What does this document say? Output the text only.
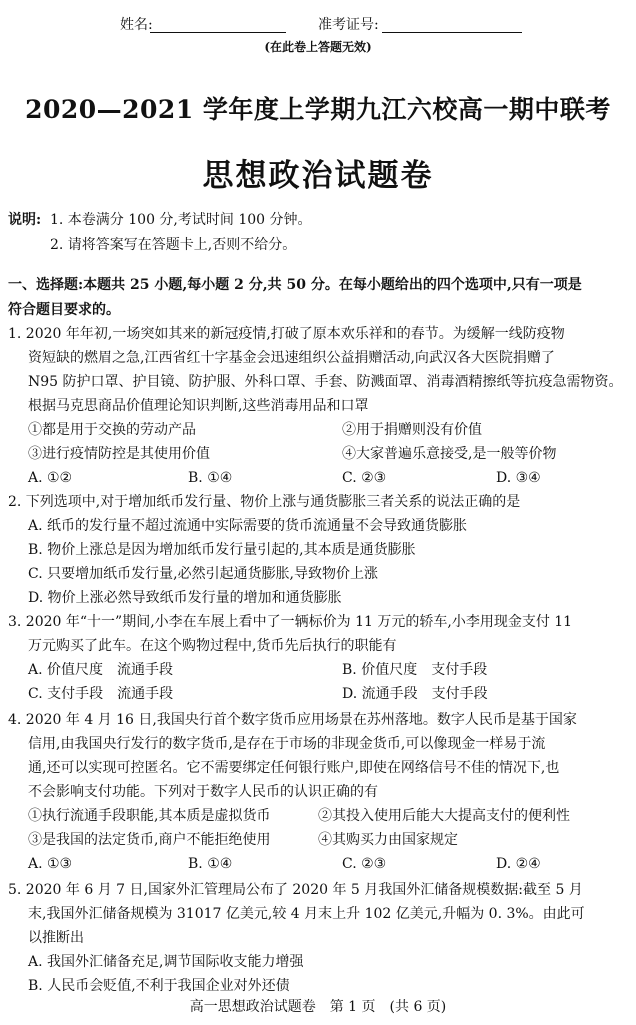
姓名:	准考证号:
(在此卷上答题无效)
2020—2021 学年度上学期九江六校高一期中联考
思想政治试题卷
说明: 1. 本卷满分 100 分,考试时间 100 分钟。
2. 请将答案写在答题卡上,否则不给分。
一、选择题:本题共 25 小题,每小题 2 分,共 50 分。在每小题给出的四个选项中,只有一项是
符合题目要求的。
1. 2020 年年初,一场突如其来的新冠疫情,打破了原本欢乐祥和的春节。为缓解一线防疫物
资短缺的燃眉之急,江西省红十字基金会迅速组织公益捐赠活动,向武汉各大医院捐赠了
N95 防护口罩、护目镜、防护服、外科口罩、手套、防溅面罩、消毒酒精擦纸等抗疫急需物资。
根据马克思商品价值理论知识判断,这些消毒用品和口罩
①都是用于交换的劳动产品	②用于捐赠则没有价值
③进行疫情防控是其使用价值	④大家普遍乐意接受,是一般等价物
A. ①②	B. ①④	C. ②③	D. ③④
2. 下列选项中,对于增加纸币发行量、物价上涨与通货膨胀三者关系的说法正确的是
A. 纸币的发行量不超过流通中实际需要的货币流通量不会导致通货膨胀
B. 物价上涨总是因为增加纸币发行量引起的,其本质是通货膨胀
C. 只要增加纸币发行量,必然引起通货膨胀,导致物价上涨
D. 物价上涨必然导致纸币发行量的增加和通货膨胀
3. 2020 年“十一”期间,小李在车展上看中了一辆标价为 11 万元的轿车,小李用现金支付 11
万元购买了此车。在这个购物过程中,货币先后执行的职能有
A. 价值尺度　流通手段	B. 价值尺度　支付手段
C. 支付手段　流通手段	D. 流通手段　支付手段
4. 2020 年 4 月 16 日,我国央行首个数字货币应用场景在苏州落地。数字人民币是基于国家
信用,由我国央行发行的数字货币,是存在于市场的非现金货币,可以像现金一样易于流
通,还可以实现可控匿名。它不需要绑定任何银行账户,即使在网络信号不佳的情况下,也
不会影响支付功能。下列对于数字人民币的认识正确的有
①执行流通手段职能,其本质是虚拟货币	②其投入使用后能大大提高支付的便利性
③是我国的法定货币,商户不能拒绝使用	④其购买力由国家规定
A. ①③	B. ①④	C. ②③	D. ②④
5. 2020 年 6 月 7 日,国家外汇管理局公布了 2020 年 5 月我国外汇储备规模数据:截至 5 月
末,我国外汇储备规模为 31017 亿美元,较 4 月末上升 102 亿美元,升幅为 0. 3%。由此可
以推断出
A. 我国外汇储备充足,调节国际收支能力增强
B. 人民币会贬值,不利于我国企业对外还债
高一思想政治试题卷　第 1 页　(共 6 页)
